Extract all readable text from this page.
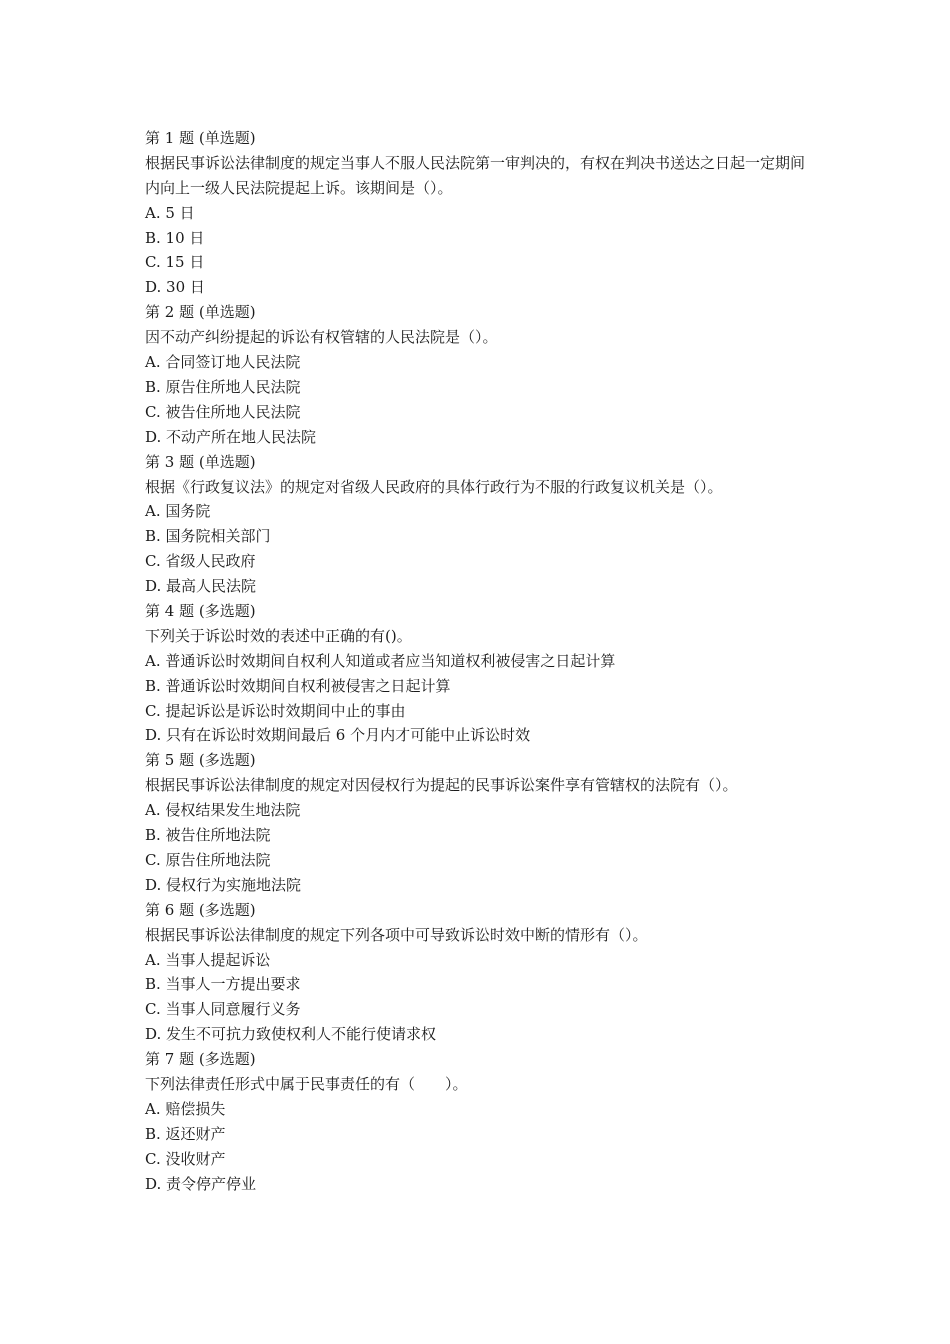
第 1 题 (单选题)
根据民事诉讼法律制度的规定当事人不服人民法院第一审判决的，有权在判决书送达之日起一定期间内向上一级人民法院提起上诉。该期间是（）。
A. 5 日
B. 10 日
C. 15 日
D. 30 日
第 2 题 (单选题)
因不动产纠纷提起的诉讼有权管辖的人民法院是（）。
A. 合同签订地人民法院
B. 原告住所地人民法院
C. 被告住所地人民法院
D. 不动产所在地人民法院
第 3 题 (单选题)
根据《行政复议法》的规定对省级人民政府的具体行政行为不服的行政复议机关是（）。
A. 国务院
B. 国务院相关部门
C. 省级人民政府
D. 最高人民法院
第 4 题 (多选题)
下列关于诉讼时效的表述中正确的有()。
A. 普通诉讼时效期间自权利人知道或者应当知道权利被侵害之日起计算
B. 普通诉讼时效期间自权利被侵害之日起计算
C. 提起诉讼是诉讼时效期间中止的事由
D. 只有在诉讼时效期间最后 6 个月内才可能中止诉讼时效
第 5 题 (多选题)
根据民事诉讼法律制度的规定对因侵权行为提起的民事诉讼案件享有管辖权的法院有（）。
A. 侵权结果发生地法院
B. 被告住所地法院
C. 原告住所地法院
D. 侵权行为实施地法院
第 6 题 (多选题)
根据民事诉讼法律制度的规定下列各项中可导致诉讼时效中断的情形有（）。
A. 当事人提起诉讼
B. 当事人一方提出要求
C. 当事人同意履行义务
D. 发生不可抗力致使权利人不能行使请求权
第 7 题 (多选题)
下列法律责任形式中属于民事责任的有（　　）。
A. 赔偿损失
B. 返还财产
C. 没收财产
D. 责令停产停业
